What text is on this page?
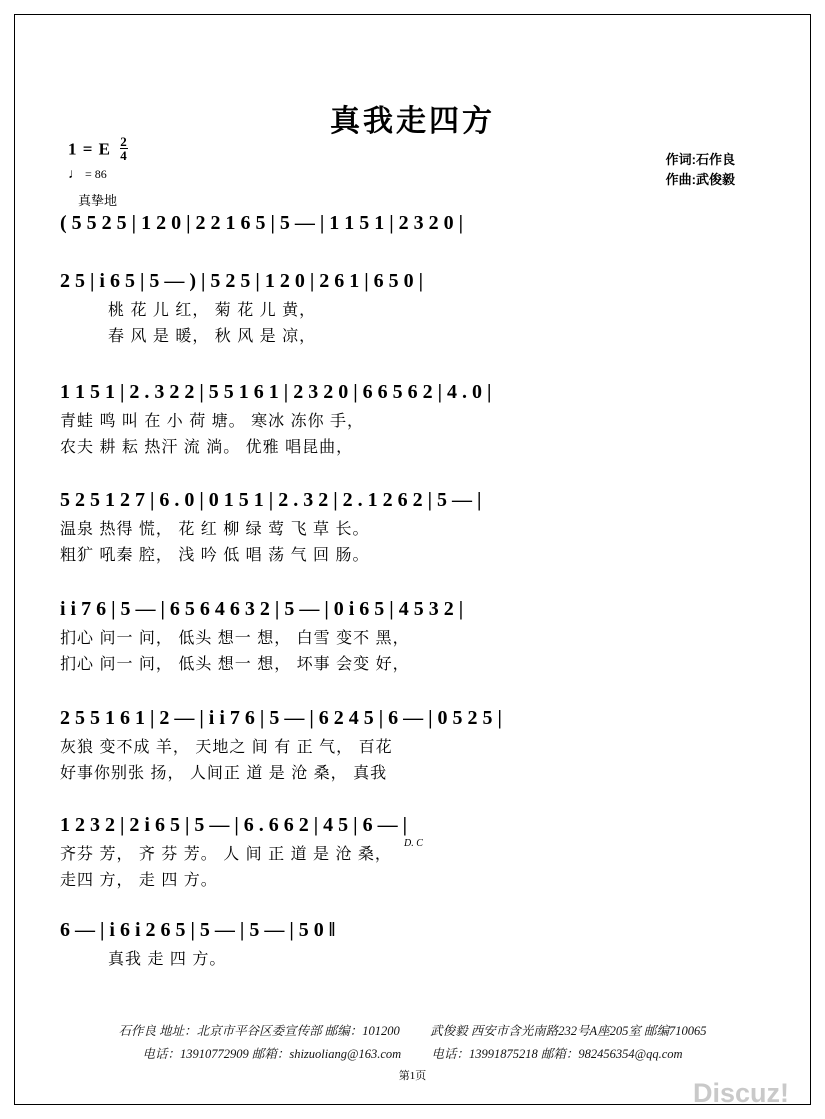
真我走四方
1 = E $\frac{2}{4}$
♩ = 86
真挚地
作词:石作良
作曲:武俊毅
( 5 5 2 5 | 1 2 0 | 2 2 1 6 5 | 5 — | 1 1 5 1 | 2 3 2 0 |
2 5 | i 6 5 | 5 — ) | 5 2 5 | 1 2 0 | 2 6 1 | 6 5 0 |
桃 花 儿 红， 菊 花 儿 黄，
春 风 是 暖， 秋 风 是 凉，
1 1 5 1 | 2 . 3 2 2 | 5 5 1 6 1 | 2 3 2 0 | 6 6 5 6 2 | 4 . 0 |
青蛙 鸣 叫 在 小 荷 塘。 寒冰 冻你 手，
农夫 耕 耘 热汗 流 淌。 优雅 唱昆曲，
5 2 5 1 2 7 | 6 . 0 | 0 1 5 1 | 2 . 3 2 | 2 . 1 2 6 2 | 5 — |
温泉 热得 慌， 花 红 柳 绿 莺 飞 草 长。
粗犷 吼秦 腔， 浅 吟 低 唱 荡 气 回 肠。
i i 7 6 | 5 — | 6 5 6 4 6 3 2 | 5 — | 0 i 6 5 | 4 5 3 2 |
扪心 问一 问， 低头 想一 想， 白雪 变不 黑，
扪心 问一 问， 低头 想一 想， 坏事 会变 好，
2 5 5 1 6 1 | 2 — | i i 7 6 | 5 — | 6 2 4 5 | 6 — | 0 5 2 5 |
灰狼 变不成 羊， 天地之 间 有 正 气， 百花
好事你别张 扬， 人间正 道 是 沧 桑， 真我
1 2 3 2 | 2 i 6 5 | 5 — | 6 . 6 6 2 | 4 5 | 6 — |
齐芬 芳， 齐 芬 芳。 人 间 正 道 是 沧 桑，
走四 方， 走 四 方。
D. C
6 — | i 6 i 2 6 5 | 5 — | 5 — | 5 0 ‖
真我 走 四 方。
石作良 地址：北京市平谷区委宣传部 邮编：101200 武俊毅 西安市含光南路232号A座205室 邮编710065
电话：13910772909 邮箱：shizuoliang@163.com 电话：13991875218 邮箱：982456354@qq.com
第1页
Discuz!
